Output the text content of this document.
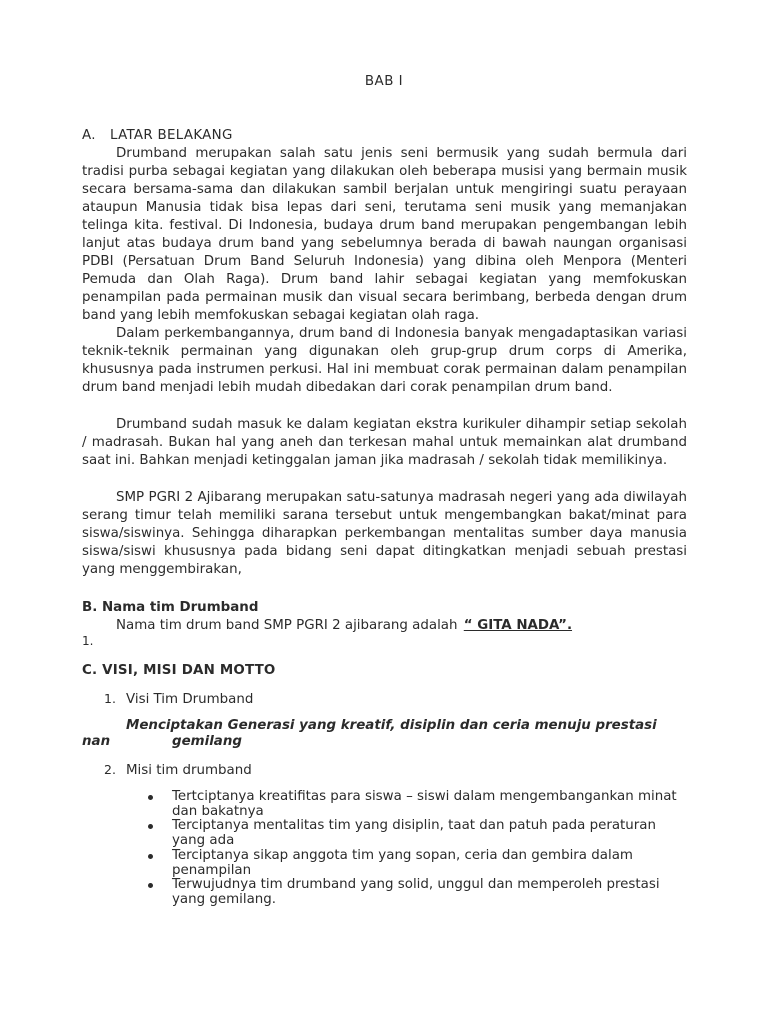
BAB I
A. LATAR BELAKANG

Drumband merupakan salah satu jenis seni bermusik yang sudah bermula dari tradisi purba sebagai kegiatan yang dilakukan oleh beberapa musisi yang bermain musik secara bersama-sama dan dilakukan sambil berjalan untuk mengiringi suatu perayaan ataupun Manusia tidak bisa lepas dari seni, terutama seni musik yang memanjakan telinga kita. festival. Di Indonesia, budaya drum band merupakan pengembangan lebih lanjut atas budaya drum band yang sebelumnya berada di bawah naungan organisasi PDBI (Persatuan Drum Band Seluruh Indonesia) yang dibina oleh Menpora (Menteri Pemuda dan Olah Raga). Drum band lahir sebagai kegiatan yang memfokuskan penampilan pada permainan musik dan visual secara berimbang, berbeda dengan drum band yang lebih memfokuskan sebagai kegiatan olah raga.

Dalam perkembangannya, drum band di Indonesia banyak mengadaptasikan variasi teknik-teknik permainan yang digunakan oleh grup-grup drum corps di Amerika, khususnya pada instrumen perkusi. Hal ini membuat corak permainan dalam penampilan drum band menjadi lebih mudah dibedakan dari corak penampilan drum band.

Drumband sudah masuk ke dalam kegiatan ekstra kurikuler dihampir setiap sekolah / madrasah. Bukan hal yang aneh dan terkesan mahal untuk memainkan alat drumband saat ini. Bahkan menjadi ketinggalan jaman jika madrasah / sekolah tidak memilikinya.

SMP PGRI 2 Ajibarang merupakan satu-satunya madrasah negeri yang ada diwilayah serang timur telah memiliki sarana tersebut untuk mengembangkan bakat/minat para siswa/siswinya. Sehingga diharapkan perkembangan mentalitas sumber daya manusia siswa/siswi khususnya pada bidang seni dapat ditingkatkan menjadi sebuah prestasi yang menggembirakan,

B. Nama tim Drumband
Nama tim drum band SMP PGRI 2 ajibarang adalah “ GITA NADA”.
1.
C. VISI, MISI DAN MOTTO
1. Visi Tim Drumband
Menciptakan Generasi yang kreatif, disiplin dan ceria menuju prestasi
nan	gemilang
2. Misi tim drumband
Tertciptanya kreatifitas para siswa – siswi dalam mengembangankan minat dan bakatnya
Terciptanya mentalitas tim yang disiplin, taat dan patuh pada peraturan yang ada
Terciptanya sikap anggota tim yang sopan, ceria dan gembira dalam penampilan
Terwujudnya tim drumband yang solid, unggul dan memperoleh prestasi yang gemilang.
